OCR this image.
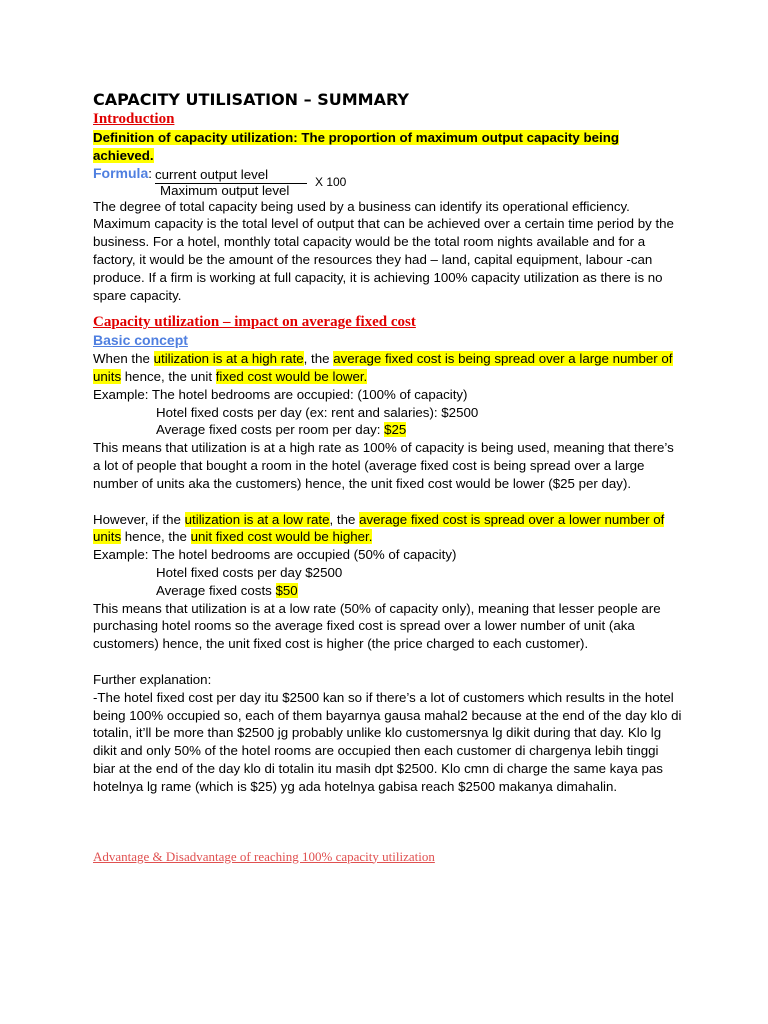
CAPACITY UTILISATION – SUMMARY
Introduction

Definition of capacity utilization: The proportion of maximum output capacity being achieved.

Formula: current output level
Maximum output level
X 100

The degree of total capacity being used by a business can identify its operational efficiency. Maximum capacity is the total level of output that can be achieved over a certain time period by the business. For a hotel, monthly total capacity would be the total room nights available and for a factory, it would be the amount of the resources they had – land, capital equipment, labour -can produce. If a firm is working at full capacity, it is achieving 100% capacity utilization as there is no spare capacity.

Capacity utilization – impact on average fixed cost

Basic concept

When the utilization is at a high rate, the average fixed cost is being spread over a large number of units hence, the unit fixed cost would be lower.

Example: The hotel bedrooms are occupied: (100% of capacity)

Hotel fixed costs per day (ex: rent and salaries): $2500

Average fixed costs per room per day: $25

This means that utilization is at a high rate as 100% of capacity is being used, meaning that there’s a lot of people that bought a room in the hotel (average fixed cost is being spread over a large number of units aka the customers) hence, the unit fixed cost would be lower ($25 per day).

However, if the utilization is at a low rate, the average fixed cost is spread over a lower number of units hence, the unit fixed cost would be higher.

Example: The hotel bedrooms are occupied (50% of capacity)

Hotel fixed costs per day $2500

Average fixed costs $50

This means that utilization is at a low rate (50% of capacity only), meaning that lesser people are purchasing hotel rooms so the average fixed cost is spread over a lower number of unit (aka customers) hence, the unit fixed cost is higher (the price charged to each customer).

Further explanation:

-The hotel fixed cost per day itu $2500 kan so if there’s a lot of customers which results in the hotel being 100% occupied so, each of them bayarnya gausa mahal2 because at the end of the day klo di totalin, it’ll be more than $2500 jg probably unlike klo customersnya lg dikit during that day. Klo lg dikit and only 50% of the hotel rooms are occupied then each customer di chargenya lebih tinggi biar at the end of the day klo di totalin itu masih dpt $2500. Klo cmn di charge the same kaya pas hotelnya lg rame (which is $25) yg ada hotelnya gabisa reach $2500 makanya dimahalin.

Advantage & Disadvantage of reaching 100% capacity utilization
